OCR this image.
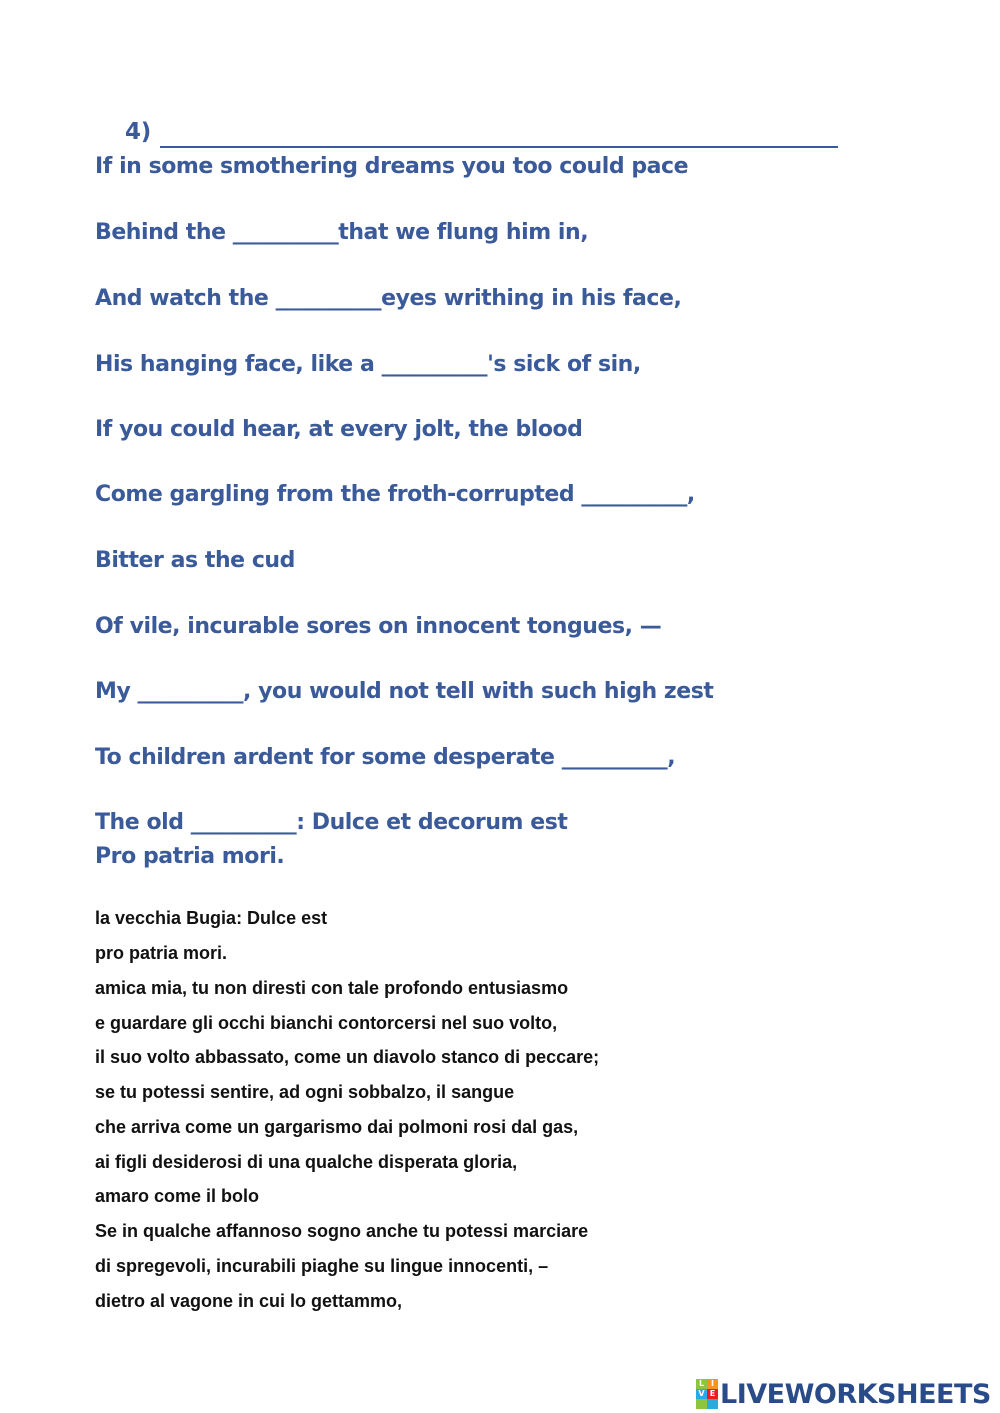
4)
If in some smothering dreams you too could pace
Behind the __________that we flung him in,
And watch the __________eyes writhing in his face,
His hanging face, like a __________'s sick of sin,
If you could hear, at every jolt, the blood
Come gargling from the froth-corrupted __________,
Bitter as the cud
Of vile, incurable sores on innocent tongues, —
My __________, you would not tell with such high zest
To children ardent for some desperate __________,
The old __________: Dulce et decorum est
Pro patria mori.
la vecchia Bugia: Dulce est
pro patria mori.
amica mia, tu non diresti con tale profondo entusiasmo
e guardare gli occhi bianchi contorcersi nel suo volto,
il suo volto abbassato, come un diavolo stanco di peccare;
se tu potessi sentire, ad ogni sobbalzo, il sangue
che arriva come un gargarismo dai polmoni rosi dal gas,
ai figli desiderosi di una qualche disperata gloria,
amaro come il bolo
Se in qualche affannoso sogno anche tu potessi marciare
di spregevoli, incurabili piaghe su lingue innocenti, –
dietro al vagone in cui lo gettammo,
L I
V E LIVEWORKSHEETS
